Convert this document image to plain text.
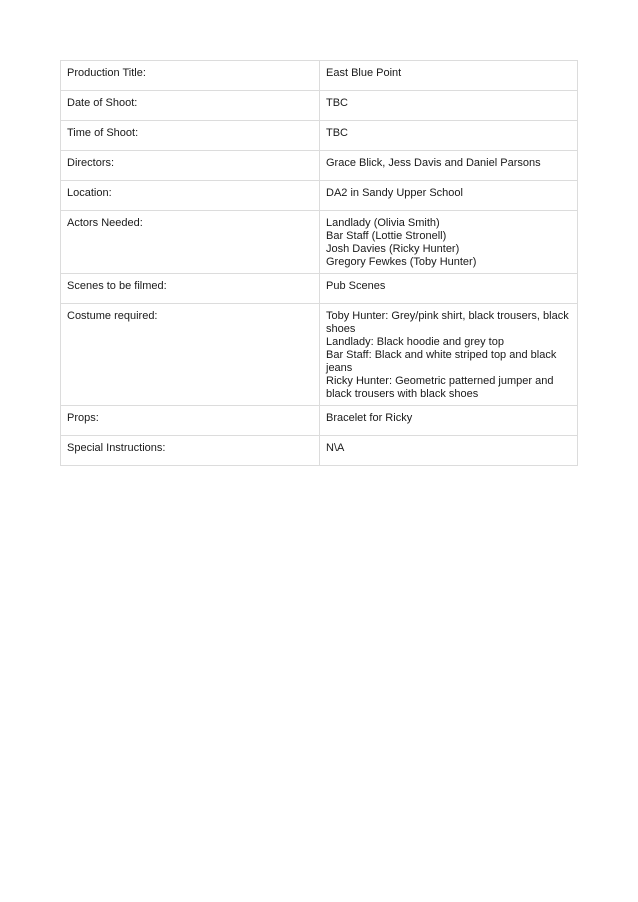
Production Title:	East Blue Point

Date of Shoot:	TBC

Time of Shoot:	TBC

Directors:	Grace Blick, Jess Davis and Daniel Parsons

Location:	DA2 in Sandy Upper School

Actors Needed:	Landlady (Olivia Smith)
Bar Staff (Lottie Stronell)
Josh Davies (Ricky Hunter)
Gregory Fewkes (Toby Hunter)

Scenes to be filmed:	Pub Scenes

Costume required:	Toby Hunter: Grey/pink shirt, black trousers, black shoes
Landlady: Black hoodie and grey top
Bar Staff: Black and white striped top and black jeans
Ricky Hunter: Geometric patterned jumper and black trousers with black shoes

Props:	Bracelet for Ricky

Special Instructions:	N\A
